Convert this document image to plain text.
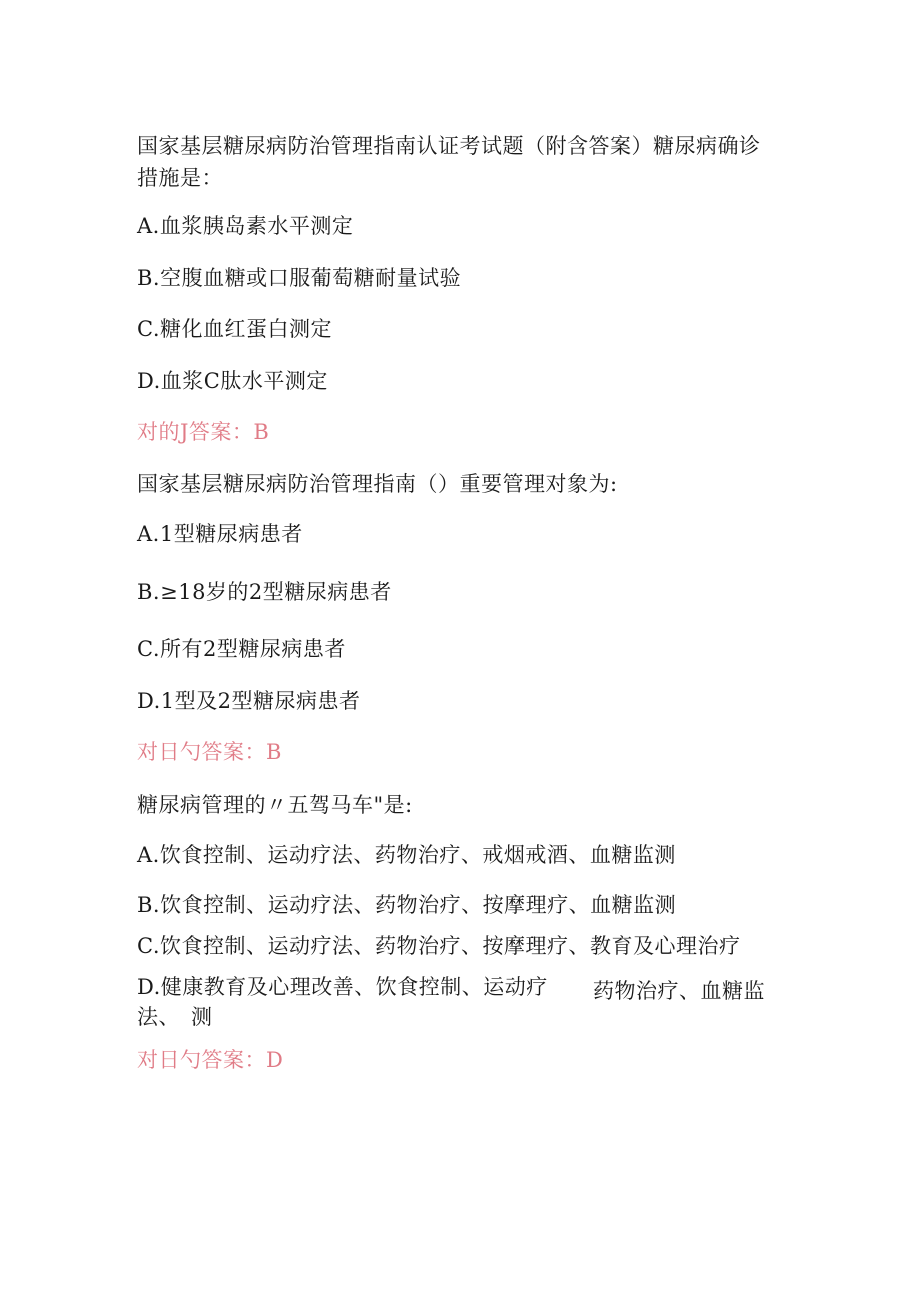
国家基层糖尿病防治管理指南认证考试题（附含答案）糖尿病确诊措施是：
A.血浆胰岛素水平测定
B.空腹血糖或口服葡萄糖耐量试验
C.糖化血红蛋白测定
D.血浆C肽水平测定
对的J答案：B
国家基层糖尿病防治管理指南（）重要管理对象为:
A.1型糖尿病患者
B.≥18岁的2型糖尿病患者
C.所有2型糖尿病患者
D.1型及2型糖尿病患者
对日勺答案：B
糖尿病管理的〃五驾马车"是:
A.饮食控制、运动疗法、药物治疗、戒烟戒酒、血糖监测
B.饮食控制、运动疗法、药物治疗、按摩理疗、血糖监测
C.饮食控制、运动疗法、药物治疗、按摩理疗、教育及心理治疗
D.健康教育及心理改善、饮食控制、运动疗
法、
药物治疗、血糖监
测
对日勺答案：D
